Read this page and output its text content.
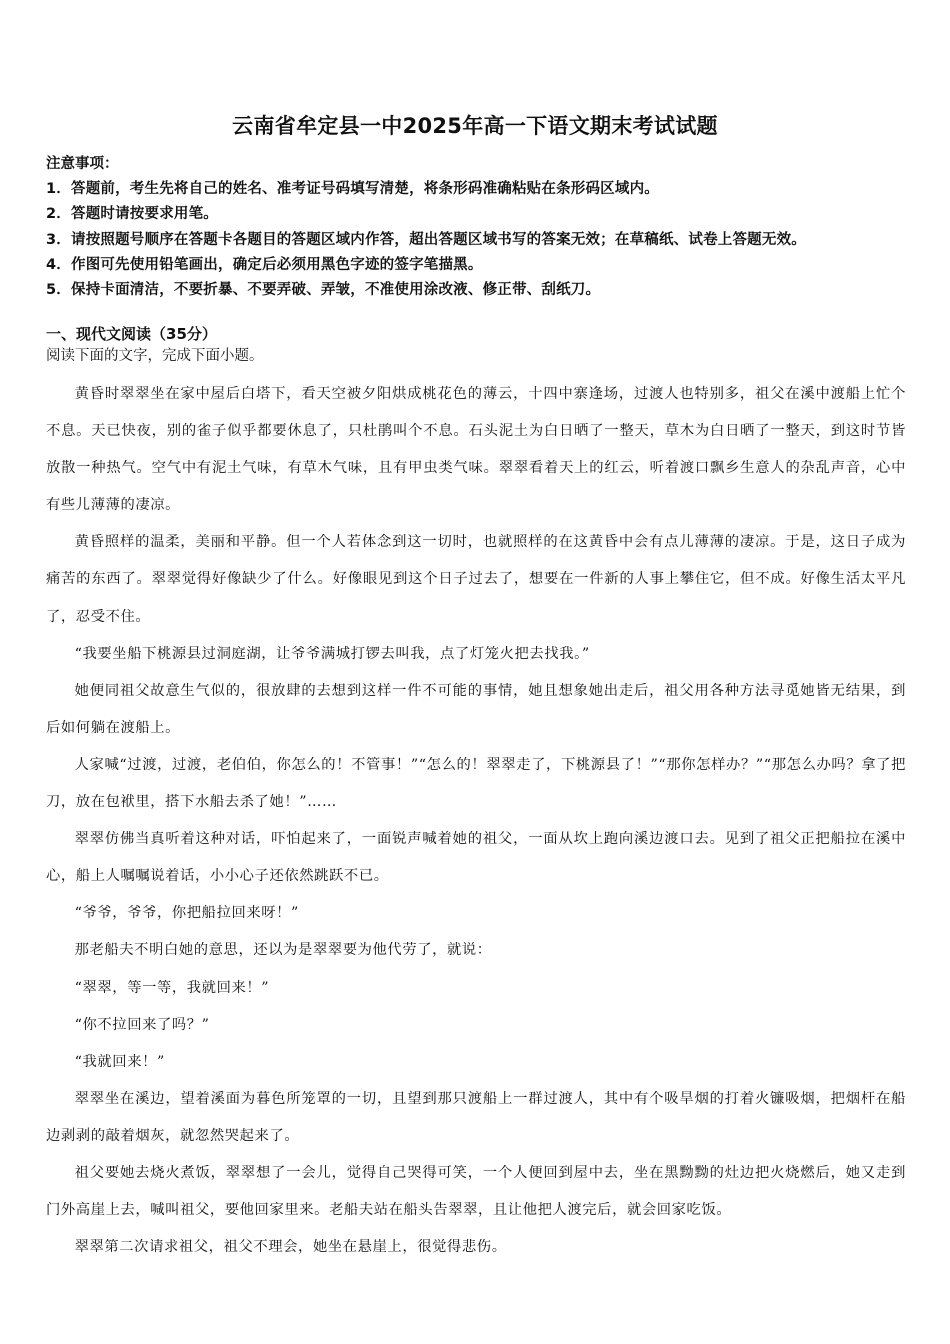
云南省牟定县一中2025年高一下语文期末考试试题

注意事项：

1．答题前，考生先将自己的姓名、准考证号码填写清楚，将条形码准确粘贴在条形码区域内。

2．答题时请按要求用笔。

3．请按照题号顺序在答题卡各题目的答题区域内作答，超出答题区域书写的答案无效；在草稿纸、试卷上答题无效。

4．作图可先使用铅笔画出，确定后必须用黑色字迹的签字笔描黑。

5．保持卡面清洁，不要折暴、不要弄破、弄皱，不准使用涂改液、修正带、刮纸刀。

一、现代文阅读（35分）

阅读下面的文字，完成下面小题。

黄昏时翠翠坐在家中屋后白塔下，看天空被夕阳烘成桃花色的薄云，十四中寨逢场，过渡人也特别多，祖父在溪中渡船上忙个不息。天已快夜，别的雀子似乎都要休息了，只杜鹃叫个不息。石头泥土为白日晒了一整天，草木为白日晒了一整天，到这时节皆放散一种热气。空气中有泥土气味，有草木气味，且有甲虫类气味。翠翠看着天上的红云，听着渡口飘乡生意人的杂乱声音，心中有些儿薄薄的凄凉。

黄昏照样的温柔，美丽和平静。但一个人若体念到这一切时，也就照样的在这黄昏中会有点儿薄薄的凄凉。于是，这日子成为痛苦的东西了。翠翠觉得好像缺少了什么。好像眼见到这个日子过去了，想要在一件新的人事上攀住它，但不成。好像生活太平凡了，忍受不住。

“我要坐船下桃源县过洞庭湖，让爷爷满城打锣去叫我，点了灯笼火把去找我。”

她便同祖父故意生气似的，很放肆的去想到这样一件不可能的事情，她且想象她出走后，祖父用各种方法寻觅她皆无结果，到后如何躺在渡船上。

人家喊“过渡，过渡，老伯伯，你怎么的！不管事！”“怎么的！翠翠走了，下桃源县了！”“那你怎样办？”“那怎么办吗？拿了把刀，放在包袱里，搭下水船去杀了她！”……

翠翠仿佛当真听着这种对话，吓怕起来了，一面锐声喊着她的祖父，一面从坎上跑向溪边渡口去。见到了祖父正把船拉在溪中心，船上人嘱嘱说着话，小小心子还依然跳跃不已。

“爷爷，爷爷，你把船拉回来呀！”

那老船夫不明白她的意思，还以为是翠翠要为他代劳了，就说：

“翠翠，等一等，我就回来！”

“你不拉回来了吗？”

“我就回来！”

翠翠坐在溪边，望着溪面为暮色所笼罩的一切，且望到那只渡船上一群过渡人，其中有个吸旱烟的打着火镰吸烟，把烟杆在船边剥剥的敲着烟灰，就忽然哭起来了。

祖父要她去烧火煮饭，翠翠想了一会儿，觉得自己哭得可笑，一个人便回到屋中去，坐在黑黝黝的灶边把火烧燃后，她又走到门外高崖上去，喊叫祖父，要他回家里来。老船夫站在船头告翠翠，且让他把人渡完后，就会回家吃饭。

翠翠第二次请求祖父，祖父不理会，她坐在悬崖上，很觉得悲伤。
